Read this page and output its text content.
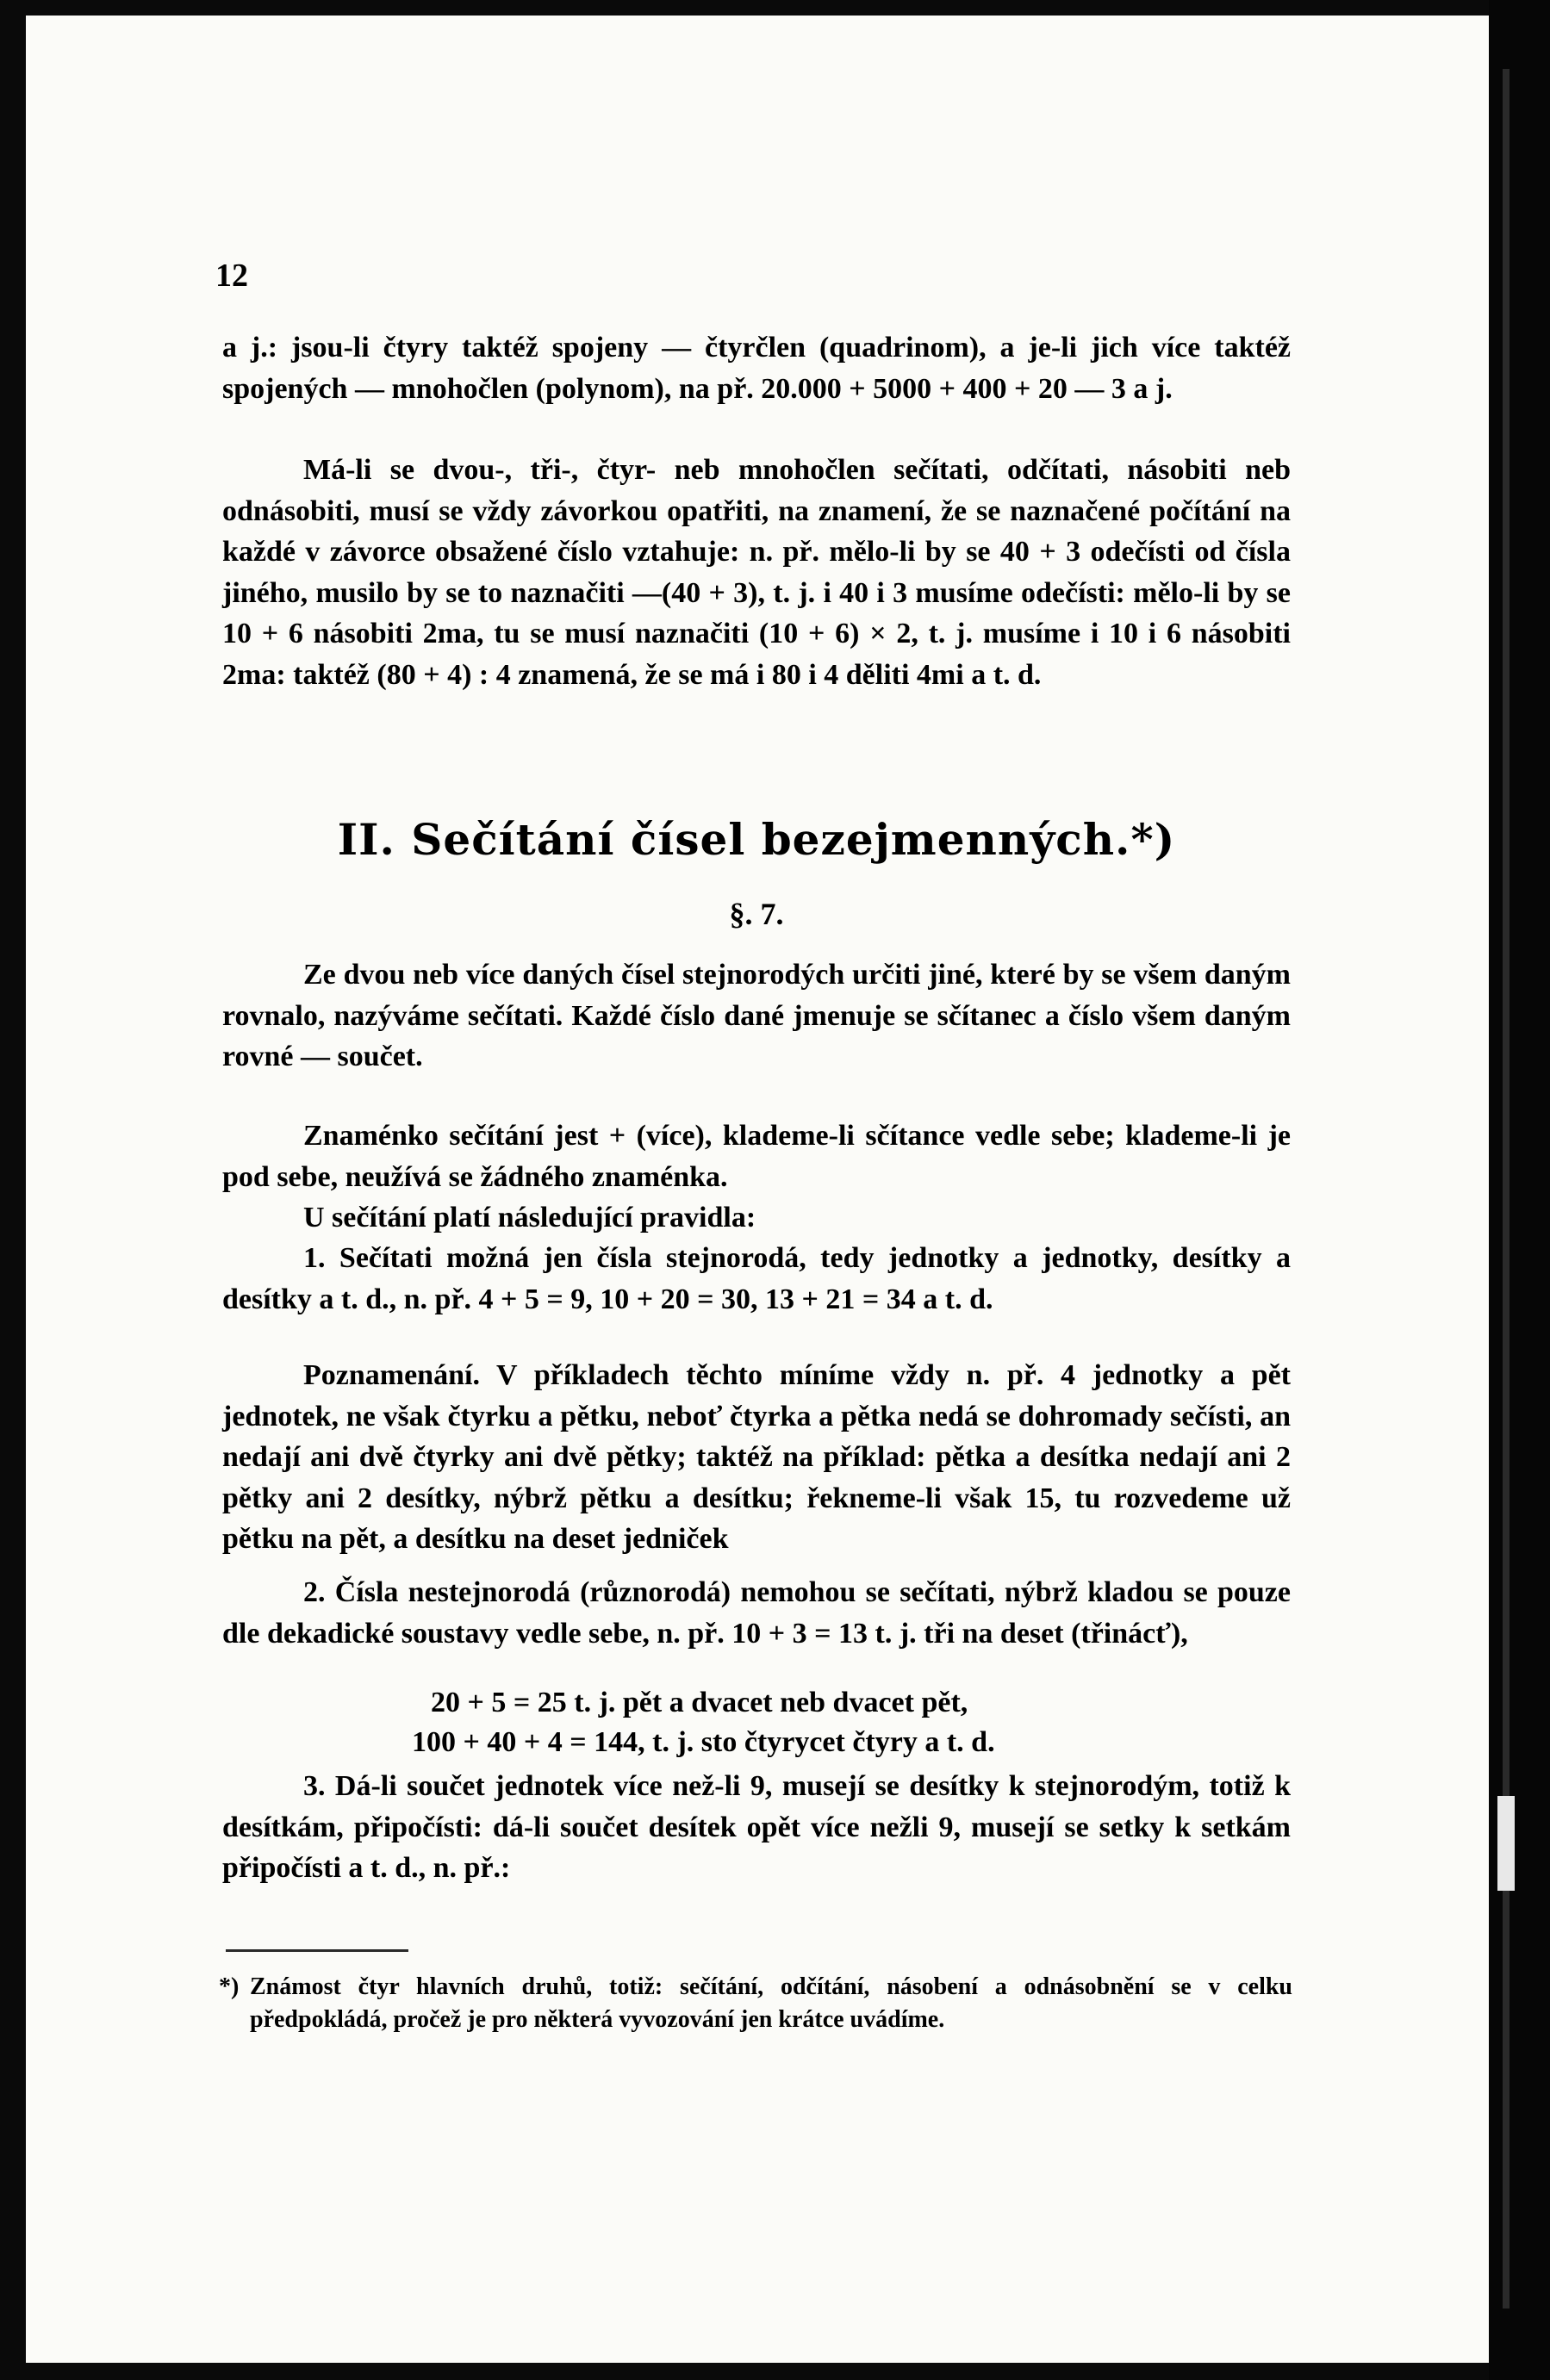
12

a j.: jsou-li čtyry taktéž spojeny — čtyrčlen (quadrinom), a je-li jich více taktéž spojených — mnohočlen (polynom), na př. 20.000 + 5000 + 400 + 20 — 3 a j.

Má-li se dvou-, tři-, čtyr- neb mnohočlen sečítati, odčítati, násobiti neb odnásobiti, musí se vždy závorkou opatřiti, na znamení, že se naznačené počítání na každé v závorce obsažené číslo vztahuje: n. př. mělo-li by se 40 + 3 odečísti od čísla jiného, musilo by se to naznačiti —(40 + 3), t. j. i 40 i 3 musíme odečísti: mělo-li by se 10 + 6 násobiti 2ma, tu se musí naznačiti (10 + 6) × 2, t. j. musíme i 10 i 6 násobiti 2ma: taktéž (80 + 4) : 4 znamená, že se má i 80 i 4 děliti 4mi a t. d.

II. Sečítání čísel bezejmenných.*)
§. 7.

Ze dvou neb více daných čísel stejnorodých určiti jiné, které by se všem daným rovnalo, nazýváme sečítati. Každé číslo dané jmenuje se sčítanec a číslo všem daným rovné — součet.

Znaménko sečítání jest + (více), klademe-li sčítance vedle sebe; klademe-li je pod sebe, neužívá se žádného znaménka.

U sečítání platí následující pravidla:

1. Sečítati možná jen čísla stejnorodá, tedy jednotky a jednotky, desítky a desítky a t. d., n. př. 4 + 5 = 9, 10 + 20 = 30, 13 + 21 = 34 a t. d.

Poznamenání. V příkladech těchto míníme vždy n. př. 4 jednotky a pět jednotek, ne však čtyrku a pětku, neboť čtyrka a pětka nedá se dohromady sečísti, an nedají ani dvě čtyrky ani dvě pětky; taktéž na příklad: pětka a desítka nedají ani 2 pětky ani 2 desítky, nýbrž pětku a desítku; řekneme-li však 15, tu rozvedeme už pětku na pět, a desítku na deset jedniček

2. Čísla nestejnorodá (různorodá) nemohou se sečítati, nýbrž kladou se pouze dle dekadické soustavy vedle sebe, n. př. 10 + 3 = 13 t. j. tři na deset (třinácť),

20 + 5 = 25 t. j. pět a dvacet neb dvacet pět,
100 + 40 + 4 = 144, t. j. sto čtyrycet čtyry a t. d.

3. Dá-li součet jednotek více než-li 9, musejí se desítky k stejnorodým, totiž k desítkám, připočísti: dá-li součet desítek opět více nežli 9, musejí se setky k setkám připočísti a t. d., n. př.:

*) Známost čtyr hlavních druhů, totiž: sečítání, odčítání, násobení a odnásobnění se v celku předpokládá, pročež je pro některá vyvozování jen krátce uvádíme.
